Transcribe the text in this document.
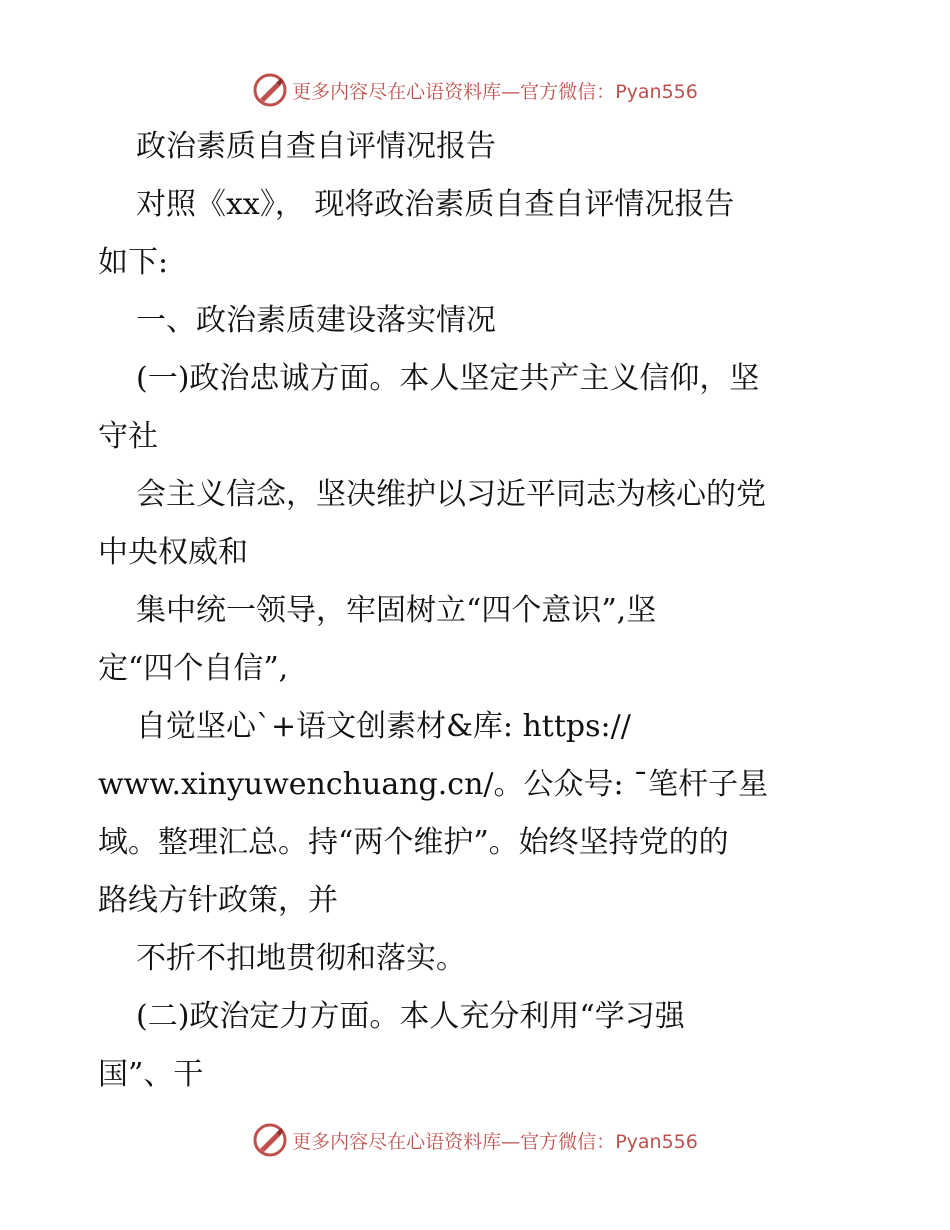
更多内容尽在心语资料库—官方微信：Pyan556
政治素质自查自评情况报告
对照《xx》， 现将政治素质自查自评情况报告
如下:
一、政治素质建设落实情况
(一)政治忠诚方面。本人坚定共产主义信仰，坚
守社
会主义信念，坚决维护以习近平同志为核心的党
中央权威和
集中统一领导，牢固树立“四个意识”,坚
定“四个自信”,
自觉坚心`+语文创素材&库: https://
www.xinyuwenchuang.cn/。公众号: ¯笔杆子星
域。整理汇总。持“两个维护”。始终坚持党的的
路线方针政策，并
不折不扣地贯彻和落实。
(二)政治定力方面。本人充分利用“学习强
国”、干
更多内容尽在心语资料库—官方微信：Pyan556
